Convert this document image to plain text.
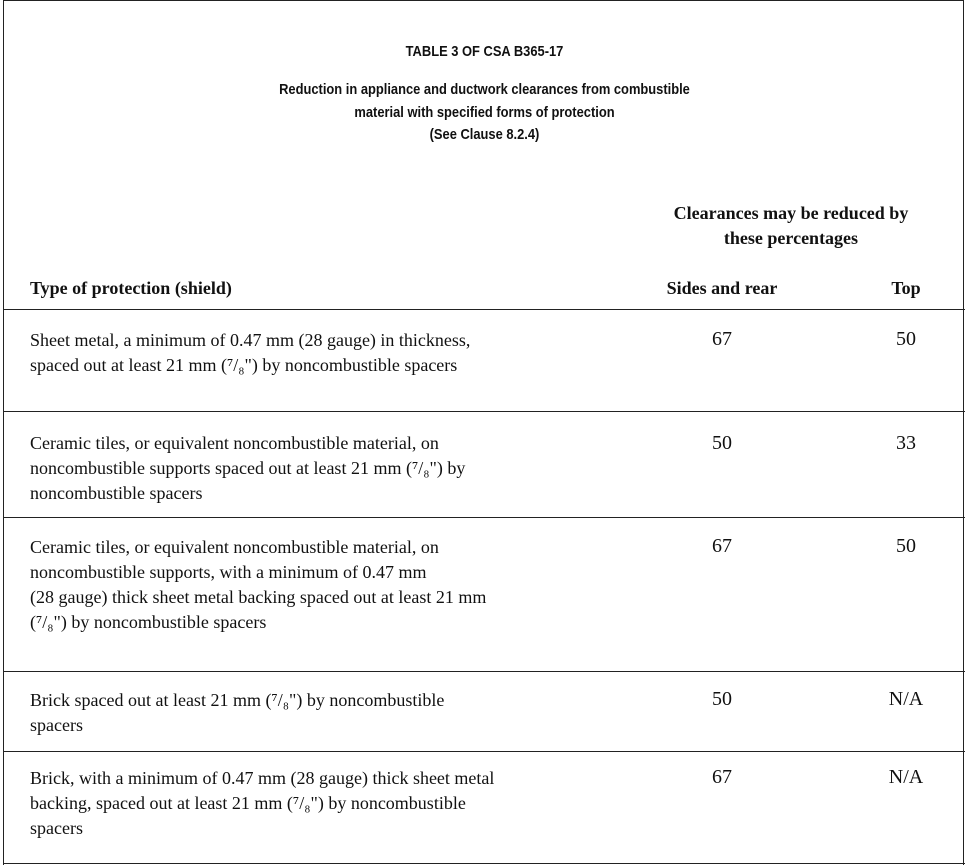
TABLE 3 OF CSA B365-17
Reduction in appliance and ductwork clearances from combustible
material with specified forms of protection
(See Clause 8.2.4)
Clearances may be reduced by
these percentages
Type of protection (shield)	Sides and rear	Top
Sheet metal, a minimum of 0.47 mm (28 gauge) in thickness,
spaced out at least 21 mm (⁷/₈") by noncombustible spacers
67	50
Ceramic tiles, or equivalent noncombustible material, on
noncombustible supports spaced out at least 21 mm (⁷/₈") by
noncombustible spacers
50	33
Ceramic tiles, or equivalent noncombustible material, on
noncombustible supports, with a minimum of 0.47 mm
(28 gauge) thick sheet metal backing spaced out at least 21 mm
(⁷/₈") by noncombustible spacers
67	50
Brick spaced out at least 21 mm (⁷/₈") by noncombustible
spacers
50	N/A
Brick, with a minimum of 0.47 mm (28 gauge) thick sheet metal
backing, spaced out at least 21 mm (⁷/₈") by noncombustible
spacers
67	N/A
